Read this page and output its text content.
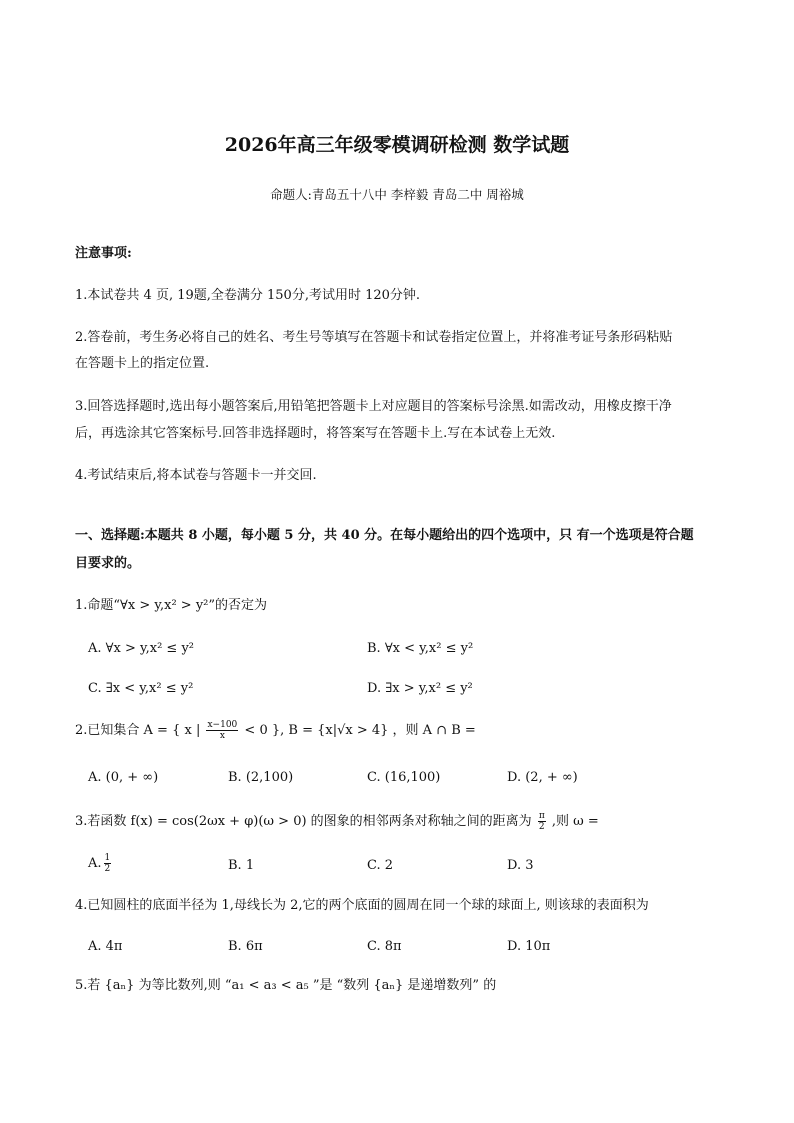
2026年高三年级零模调研检测 数学试题
命题人:青岛五十八中 李梓毅 青岛二中 周裕城
注意事项:
1.本试卷共 4 页, 19题,全卷满分 150分,考试用时 120分钟.
2.答卷前，考生务必将自己的姓名、考生号等填写在答题卡和试卷指定位置上，并将准考证号条形码粘贴
在答题卡上的指定位置.
3.回答选择题时,选出每小题答案后,用铅笔把答题卡上对应题目的答案标号涂黑.如需改动，用橡皮擦干净
后，再选涂其它答案标号.回答非选择题时，将答案写在答题卡上.写在本试卷上无效.
4.考试结束后,将本试卷与答题卡一并交回.
一、选择题:本题共 8 小题，每小题 5 分，共 40 分。在每小题给出的四个选项中，只 有一个选项是符合题
目要求的。
1.命题“∀x > y,x² > y²”的否定为
A. ∀x > y,x² ≤ y²	B. ∀x < y,x² ≤ y²
C. ∃x < y,x² ≤ y²	D. ∃x > y,x² ≤ y²
2.已知集合 A = { x | $\frac{x-100}{x} < 0$ }, B = {x|√x > 4} ，则 A ∩ B =
A. (0, + ∞)	B. (2,100)	C. (16,100)	D. (2, + ∞)
3.若函数 f(x) = cos(2ωx + φ)(ω > 0) 的图象的相邻两条对称轴之间的距离为 $\frac{\pi}{2}$ ,则 ω =
A. $\frac{1}{2}$	B. 1	C. 2	D. 3
4.已知圆柱的底面半径为 1,母线长为 2,它的两个底面的圆周在同一个球的球面上, 则该球的表面积为
A. 4π	B. 6π	C. 8π	D. 10π
5.若 {aₙ} 为等比数列,则 “a₁ < a₃ < a₅ ”是 “数列 {aₙ} 是递增数列” 的
